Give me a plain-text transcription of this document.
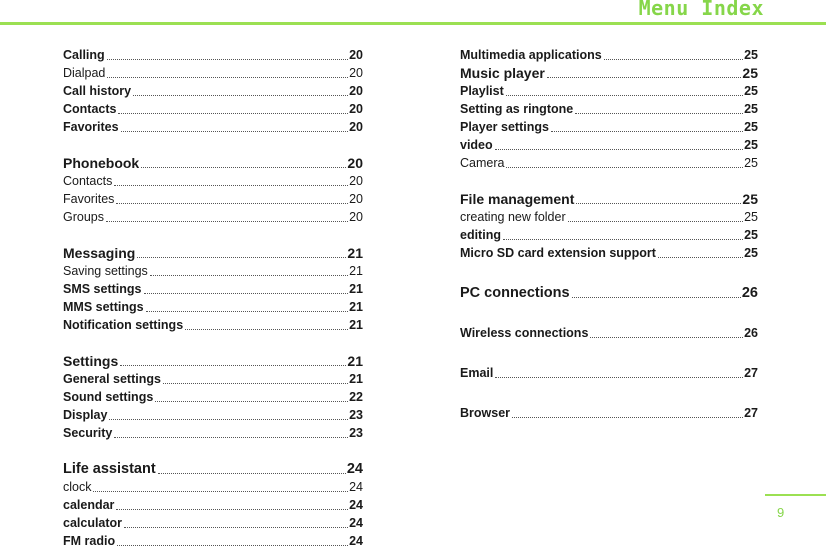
Menu Index
Calling	20
Dialpad	20
Call history	20
Contacts	20
Favorites	20
Phonebook	20
Contacts	20
Favorites	20
Groups	20
Messaging	21
Saving settings	21
SMS settings	21
MMS settings	21
Notification settings	21
Settings	21
General settings	21
Sound settings	22
Display	23
Security	23
Life assistant	24
clock	24
calendar	24
calculator	24
FM radio	24
Multimedia applications	25
Music player	25
Playlist	25
Setting as ringtone	25
Player settings	25
video	25
Camera	25
File management	25
creating new folder	25
editing	25
Micro SD card extension support	25
PC connections	26
Wireless connections	26
Email	27
Browser	27

9
